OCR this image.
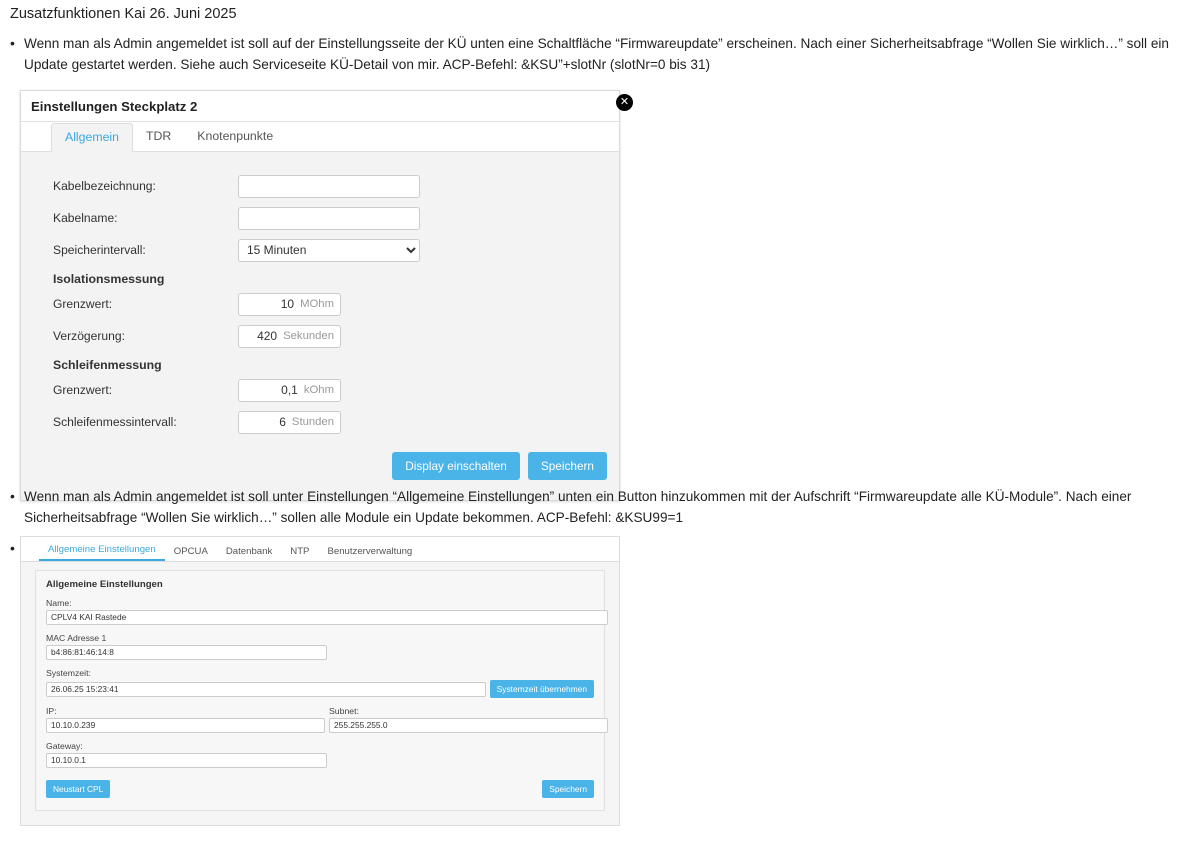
Zusatzfunktionen Kai 26. Juni 2025
• Wenn man als Admin angemeldet ist soll auf der Einstellungsseite der KÜ unten eine Schaltfläche “Firmwareupdate” erscheinen. Nach einer Sicherheitsabfrage “Wollen Sie wirklich…” soll ein Update gestartet werden. Siehe auch Serviceseite KÜ-Detail von mir. ACP-Befehl: &KSU”+slotNr (slotNr=0 bis 31)
Einstellungen Steckplatz 2	✕
Allgemein	TDR	Knotenpunkte
Kabelbezeichnung:
Kabelname:
Speicherintervall:
15 Minuten
Isolationsmessung
Grenzwert:	10 MOhm
Verzögerung:	420 Sekunden
Schleifenmessung
Grenzwert:	0,1 kOhm
Schleifenmessintervall:	6 Stunden
Display einschalten	Speichern
• Wenn man als Admin angemeldet ist soll unter Einstellungen “Allgemeine Einstellungen” unten ein Button hinzukommen mit der Aufschrift “Firmwareupdate alle KÜ-Module”. Nach einer Sicherheitsabfrage “Wollen Sie wirklich…” sollen alle Module ein Update bekommen. ACP-Befehl: &KSU99=1
•	Allgemeine Einstellungen	OPCUA	Datenbank	NTP	Benutzerverwaltung
Allgemeine Einstellungen
Name:
CPLV4 KAI Rastede
MAC Adresse 1
b4:86:81:46:14:8
Systemzeit:
26.06.25 15:23:41	Systemzeit übernehmen
IP:
10.10.0.239
Subnet:
255.255.255.0
Gateway:
10.10.0.1
Neustart CPL	Speichern
